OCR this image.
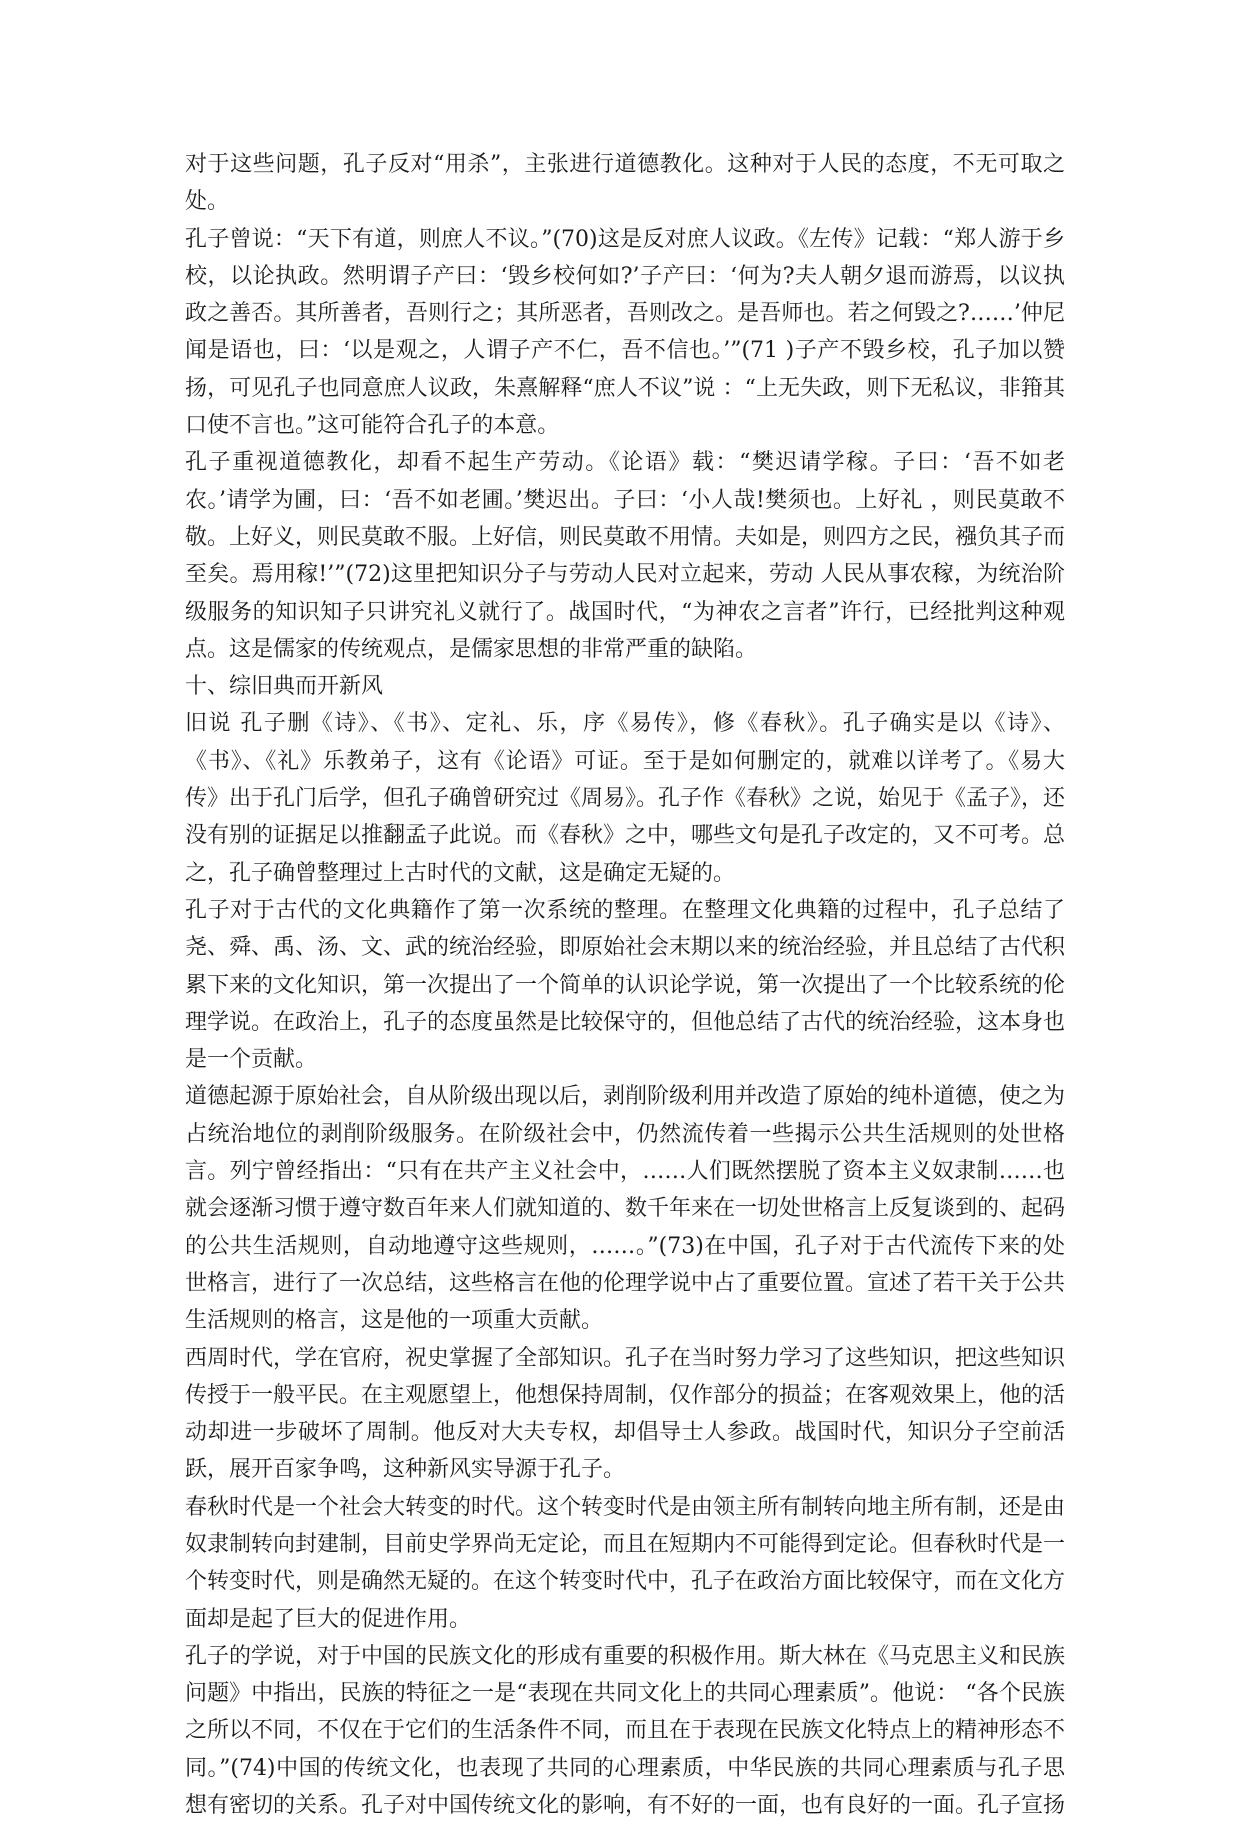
对于这些问题，孔子反对“用杀”，主张进行道德教化。这种对于人民的态度，不无可取之处。

孔子曾说：“天下有道，则庶人不议。”(70)这是反对庶人议政。《左传》记载：“郑人游于乡校，以论执政。然明谓子产曰：‘毁乡校何如?’子产曰：‘何为?夫人朝夕退而游焉，以议执政之善否。其所善者，吾则行之；其所恶者，吾则改之。是吾师也。若之何毁之?……’仲尼闻是语也，曰：‘以是观之，人谓子产不仁，吾不信也。’”(71 )子产不毁乡校，孔子加以赞扬，可见孔子也同意庶人议政，朱熹解释“庶人不议”说 ：“上无失政，则下无私议，非箝其口使不言也。”这可能符合孔子的本意。

孔子重视道德教化，却看不起生产劳动。《论语》载：“樊迟请学稼。子曰：‘吾不如老农。’请学为圃，曰：‘吾不如老圃。’樊迟出。子曰：‘小人哉!樊须也。上好礼 ，则民莫敢不敬。上好义，则民莫敢不服。上好信，则民莫敢不用情。夫如是，则四方之民，襁负其子而至矣。焉用稼!’”(72)这里把知识分子与劳动人民对立起来，劳动 人民从事农稼，为统治阶级服务的知识知子只讲究礼义就行了。战国时代，“为神农之言者”许行，已经批判这种观点。这是儒家的传统观点，是儒家思想的非常严重的缺陷。

十、综旧典而开新风

旧说 孔子删《诗》、《书》、定礼、乐，序《易传》，修《春秋》。孔子确实是以《诗》、《书》、《礼》乐教弟子，这有《论语》可证。至于是如何删定的，就难以详考了。《易大传》出于孔门后学，但孔子确曾研究过《周易》。孔子作《春秋》之说，始见于《孟子》，还没有别的证据足以推翻孟子此说。而《春秋》之中，哪些文句是孔子改定的，又不可考。总之，孔子确曾整理过上古时代的文献，这是确定无疑的。

孔子对于古代的文化典籍作了第一次系统的整理。在整理文化典籍的过程中，孔子总结了尧、舜、禹、汤、文、武的统治经验，即原始社会末期以来的统治经验，并且总结了古代积累下来的文化知识，第一次提出了一个简单的认识论学说，第一次提出了一个比较系统的伦理学说。在政治上，孔子的态度虽然是比较保守的，但他总结了古代的统治经验，这本身也是一个贡献。

道德起源于原始社会，自从阶级出现以后，剥削阶级利用并改造了原始的纯朴道德，使之为占统治地位的剥削阶级服务。在阶级社会中，仍然流传着一些揭示公共生活规则的处世格言。列宁曾经指出：“只有在共产主义社会中，……人们既然摆脱了资本主义奴隶制……也就会逐渐习惯于遵守数百年来人们就知道的、数千年来在一切处世格言上反复谈到的、起码的公共生活规则，自动地遵守这些规则，……。”(73)在中国，孔子对于古代流传下来的处世格言，进行了一次总结，这些格言在他的伦理学说中占了重要位置。宣述了若干关于公共生活规则的格言，这是他的一项重大贡献。

西周时代，学在官府，祝史掌握了全部知识。孔子在当时努力学习了这些知识，把这些知识传授于一般平民。在主观愿望上，他想保持周制，仅作部分的损益；在客观效果上，他的活动却进一步破坏了周制。他反对大夫专权，却倡导士人参政。战国时代，知识分子空前活跃，展开百家争鸣，这种新风实导源于孔子。

春秋时代是一个社会大转变的时代。这个转变时代是由领主所有制转向地主所有制，还是由奴隶制转向封建制，目前史学界尚无定论，而且在短期内不可能得到定论。但春秋时代是一个转变时代，则是确然无疑的。在这个转变时代中，孔子在政治方面比较保守，而在文化方面却是起了巨大的促进作用。

孔子的学说，对于中国的民族文化的形成有重要的积极作用。斯大林在《马克思主义和民族问题》中指出，民族的特征之一是“表现在共同文化上的共同心理素质”。他说： “各个民族之所以不同，不仅在于它们的生活条件不同，而且在于表现在民族文化特点上的精神形态不同。”(74)中国的传统文化，也表现了共同的心理素质，中华民族的共同心理素质与孔子思想有密切的关系。孔子对中国传统文化的影响，有不好的一面，也有良好的一面。孔子宣扬
